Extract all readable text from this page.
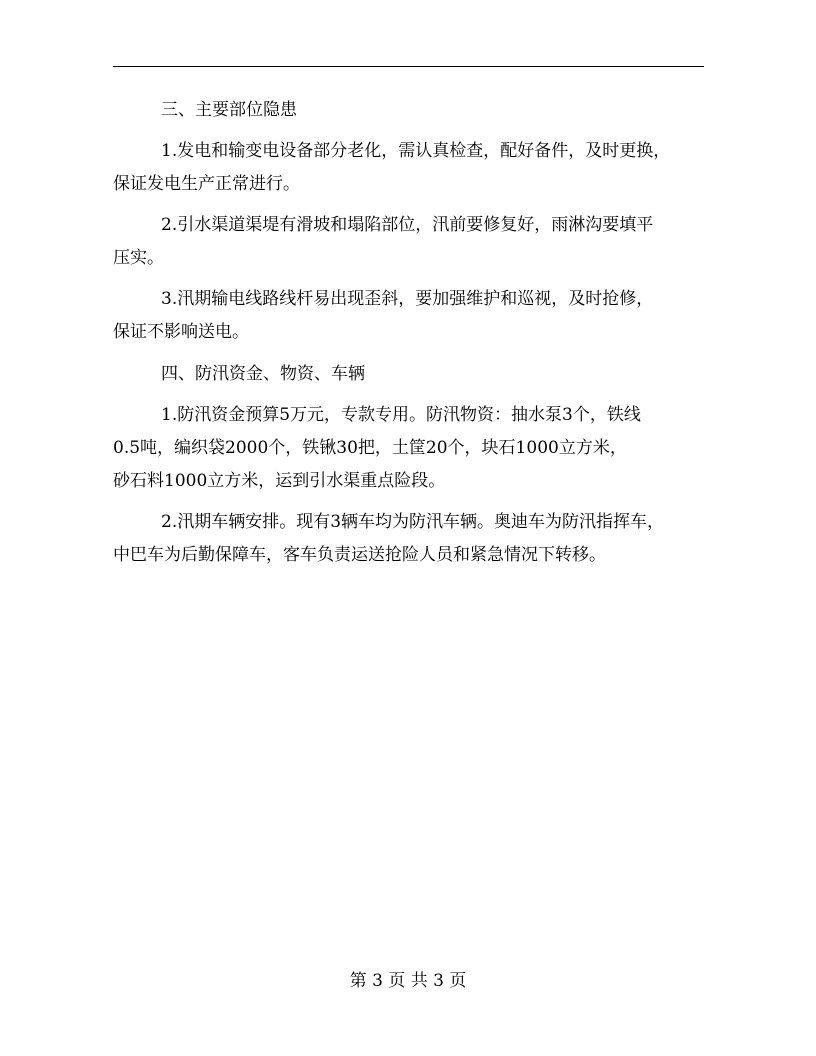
三、主要部位隐患
1.发电和输变电设备部分老化，需认真检查，配好备件，及时更换，
保证发电生产正常进行。
2.引水渠道渠堤有滑坡和塌陷部位，汛前要修复好，雨淋沟要填平
压实。
3.汛期输电线路线杆易出现歪斜，要加强维护和巡视，及时抢修，
保证不影响送电。
四、防汛资金、物资、车辆
1.防汛资金预算5万元，专款专用。防汛物资：抽水泵3个，铁线
0.5吨，编织袋2000个，铁锹30把，土筐20个，块石1000立方米，
砂石料1000立方米，运到引水渠重点险段。
2.汛期车辆安排。现有3辆车均为防汛车辆。奥迪车为防汛指挥车，
中巴车为后勤保障车，客车负责运送抢险人员和紧急情况下转移。
第 3 页 共 3 页
